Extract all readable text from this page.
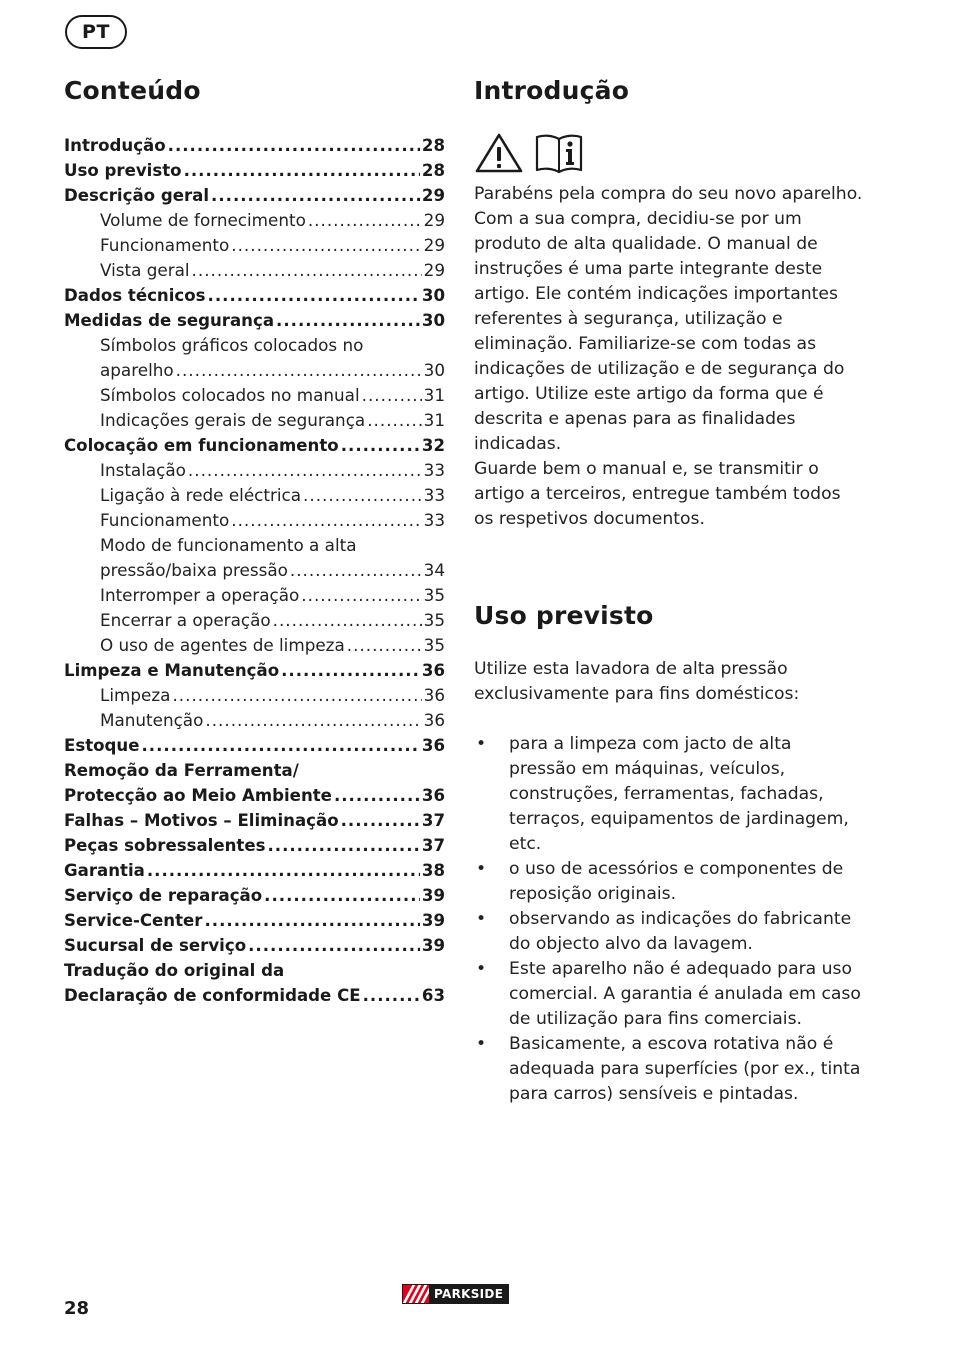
PT
Conteúdo
Introdução .....	28
Uso previsto .....	28
Descrição geral .....	29
Volume de fornecimento .....	29
Funcionamento .....	29
Vista geral .....	29
Dados técnicos .....	30
Medidas de segurança .....	30
Símbolos gráficos colocados no
aparelho .....	30
Símbolos colocados no manual .....	31
Indicações gerais de segurança .....	31
Colocação em funcionamento .....	32
Instalação .....	33
Ligação à rede eléctrica .....	33
Funcionamento .....	33
Modo de funcionamento a alta
pressão/baixa pressão .....	34
Interromper a operação .....	35
Encerrar a operação .....	35
O uso de agentes de limpeza .....	35
Limpeza e Manutenção .....	36
Limpeza .....	36
Manutenção .....	36
Estoque .....	36
Remoção da Ferramenta/
Protecção ao Meio Ambiente .....	36
Falhas – Motivos – Eliminação .....	37
Peças sobressalentes .....	37
Garantia .....	38
Serviço de reparação .....	39
Service-Center .....	39
Sucursal de serviço .....	39
Tradução do original da
Declaração de conformidade CE .....	63
Introdução

Parabéns pela compra do seu novo aparelho.

Com a sua compra, decidiu-se por um produto de alta qualidade. O manual de instruções é uma parte integrante deste artigo. Ele contém indicações importantes referentes à segurança, utilização e eliminação. Familiarize-se com todas as indicações de utilização e de segurança do artigo. Utilize este artigo da forma que é descrita e apenas para as finalidades indicadas.

Guarde bem o manual e, se transmitir o artigo a terceiros, entregue também todos os respetivos documentos.

Uso previsto

Utilize esta lavadora de alta pressão exclusivamente para fins domésticos:

• para a limpeza com jacto de alta pressão em máquinas, veículos, construções, ferramentas, fachadas, terraços, equipamentos de jardinagem, etc.
• o uso de acessórios e componentes de reposição originais.
• observando as indicações do fabricante do objecto alvo da lavagem.
• Este aparelho não é adequado para uso comercial. A garantia é anulada em caso de utilização para fins comerciais.
• Basicamente, a escova rotativa não é adequada para superfícies (por ex., tinta para carros) sensíveis e pintadas.
28
PARKSIDE
